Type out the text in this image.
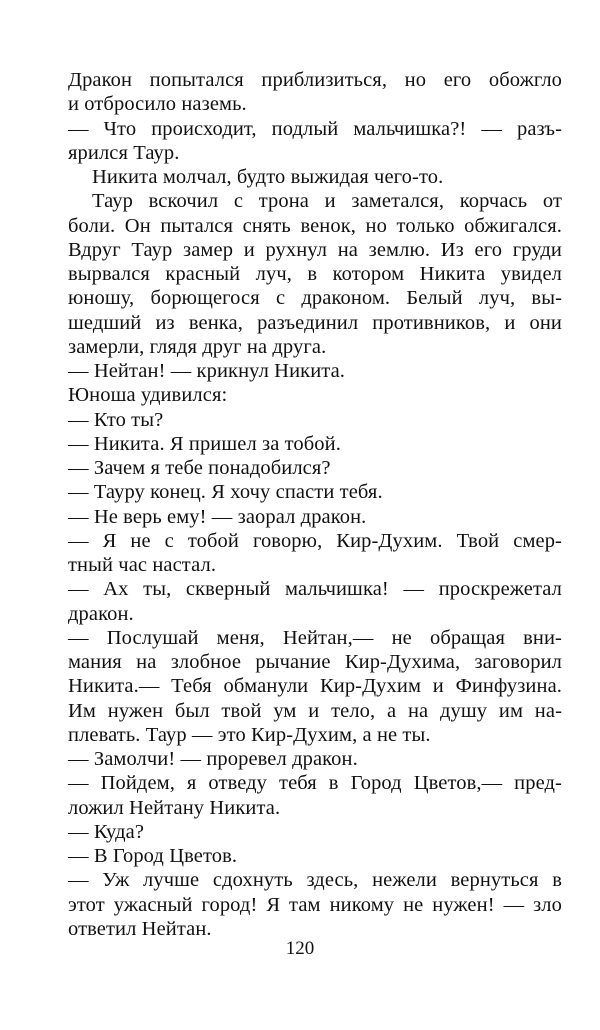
Дракон попытался приблизиться, но его обожгло
и отбросило наземь.
— Что происходит, подлый мальчишка?! — разъ-
ярился Таур.
Никита молчал, будто выжидая чего-то.
Таур вскочил с трона и заметался, корчась от
боли. Он пытался снять венок, но только обжигался.
Вдруг Таур замер и рухнул на землю. Из его груди
вырвался красный луч, в котором Никита увидел
юношу, борющегося с драконом. Белый луч, вы-
шедший из венка, разъединил противников, и они
замерли, глядя друг на друга.
— Нейтан! — крикнул Никита.
Юноша удивился:
— Кто ты?
— Никита. Я пришел за тобой.
— Зачем я тебе понадобился?
— Тауру конец. Я хочу спасти тебя.
— Не верь ему! — заорал дракон.
— Я не с тобой говорю, Кир-Духим. Твой смер-
тный час настал.
— Ах ты, скверный мальчишка! — проскрежетал
дракон.
— Послушай меня, Нейтан,— не обращая вни-
мания на злобное рычание Кир-Духима, заговорил
Никита.— Тебя обманули Кир-Духим и Финфузина.
Им нужен был твой ум и тело, а на душу им на-
плевать. Таур — это Кир-Духим, а не ты.
— Замолчи! — проревел дракон.
— Пойдем, я отведу тебя в Город Цветов,— пред-
ложил Нейтану Никита.
— Куда?
— В Город Цветов.
— Уж лучше сдохнуть здесь, нежели вернуться в
этот ужасный город! Я там никому не нужен! — зло
ответил Нейтан.
120
